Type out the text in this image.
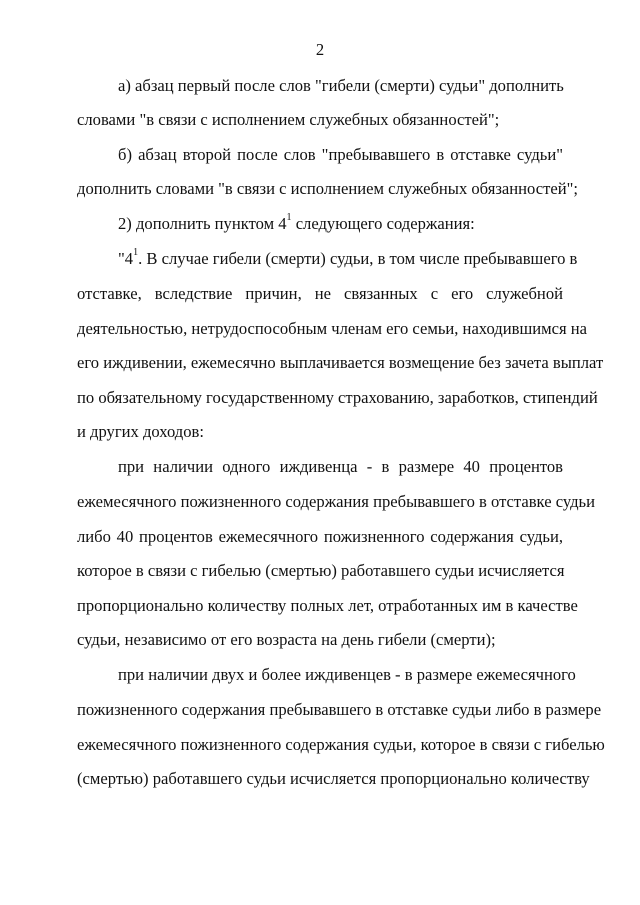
2
а) абзац первый после слов "гибели (смерти) судьи" дополнить
словами "в связи с исполнением служебных обязанностей";
б) абзац второй после слов "пребывавшего в отставке судьи"
дополнить словами "в связи с исполнением служебных обязанностей";
2) дополнить пунктом $4^1$ следующего содержания:
"$4^1$. В случае гибели (смерти) судьи, в том числе пребывавшего в
отставке, вследствие причин, не связанных с его служебной
деятельностью, нетрудоспособным членам его семьи, находившимся на
его иждивении, ежемесячно выплачивается возмещение без зачета выплат
по обязательному государственному страхованию, заработков, стипендий
и других доходов:
при наличии одного иждивенца - в размере 40 процентов
ежемесячного пожизненного содержания пребывавшего в отставке судьи
либо 40 процентов ежемесячного пожизненного содержания судьи,
которое в связи с гибелью (смертью) работавшего судьи исчисляется
пропорционально количеству полных лет, отработанных им в качестве
судьи, независимо от его возраста на день гибели (смерти);
при наличии двух и более иждивенцев - в размере ежемесячного
пожизненного содержания пребывавшего в отставке судьи либо в размере
ежемесячного пожизненного содержания судьи, которое в связи с гибелью
(смертью) работавшего судьи исчисляется пропорционально количеству
